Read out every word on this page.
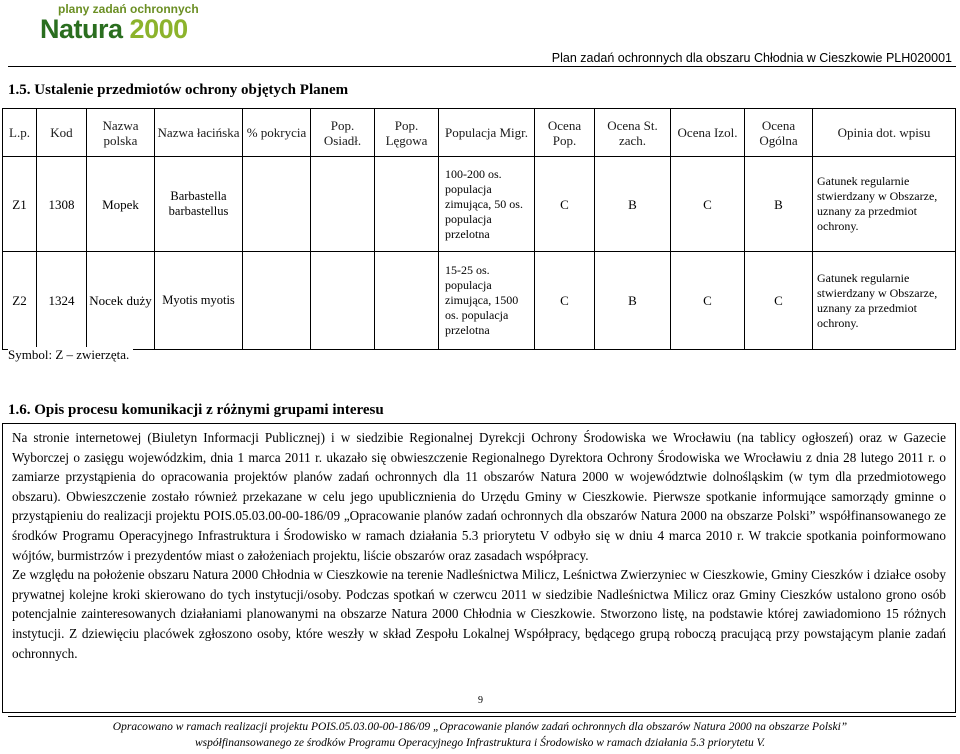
plany zadań ochronnych
Natura 2000
Plan zadań ochronnych dla obszaru Chłodnia w Cieszkowie PLH020001
1.5. Ustalenie przedmiotów ochrony objętych Planem
L.p.	Kod	Nazwa polska	Nazwa łacińska	% pokrycia	Pop. Osiadł.	Pop. Lęgowa	Populacja Migr.	Ocena Pop.	Ocena St. zach.	Ocena Izol.	Ocena Ogólna	Opinia dot. wpisu
Z1	1308	Mopek	Barbastella barbastellus				100-200 os. populacja zimująca, 50 os. populacja przelotna	C	B	C	B	Gatunek regularnie stwierdzany w Obszarze, uznany za przedmiot ochrony.
Z2	1324	Nocek duży	Myotis myotis				15-25 os. populacja zimująca, 1500 os. populacja przelotna	C	B	C	C	Gatunek regularnie stwierdzany w Obszarze, uznany za przedmiot ochrony.
Symbol: Z – zwierzęta.
1.6. Opis procesu komunikacji z różnymi grupami interesu

Na stronie internetowej (Biuletyn Informacji Publicznej) i w siedzibie Regionalnej Dyrekcji Ochrony Środowiska we Wrocławiu (na tablicy ogłoszeń) oraz w Gazecie Wyborczej o zasięgu wojewódzkim, dnia 1 marca 2011 r. ukazało się obwieszczenie Regionalnego Dyrektora Ochrony Środowiska we Wrocławiu z dnia 28 lutego 2011 r. o zamiarze przystąpienia do opracowania projektów planów zadań ochronnych dla 11 obszarów Natura 2000 w województwie dolnośląskim (w tym dla przedmiotowego obszaru). Obwieszczenie zostało również przekazane w celu jego upublicznienia do Urzędu Gminy w Cieszkowie. Pierwsze spotkanie informujące samorządy gminne o przystąpieniu do realizacji projektu POIS.05.03.00-00-186/09 „Opracowanie planów zadań ochronnych dla obszarów Natura 2000 na obszarze Polski” współfinansowanego ze środków Programu Operacyjnego Infrastruktura i Środowisko w ramach działania 5.3 priorytetu V odbyło się w dniu 4 marca 2010 r. W trakcie spotkania poinformowano wójtów, burmistrzów i prezydentów miast o założeniach projektu, liście obszarów oraz zasadach współpracy.

Ze względu na położenie obszaru Natura 2000 Chłodnia w Cieszkowie na terenie Nadleśnictwa Milicz, Leśnictwa Zwierzyniec w Cieszkowie, Gminy Cieszków i działce osoby prywatnej kolejne kroki skierowano do tych instytucji/osoby. Podczas spotkań w czerwcu 2011 w siedzibie Nadleśnictwa Milicz oraz Gminy Cieszków ustalono grono osób potencjalnie zainteresowanych działaniami planowanymi na obszarze Natura 2000 Chłodnia w Cieszkowie. Stworzono listę, na podstawie której zawiadomiono 15 różnych instytucji. Z dziewięciu placówek zgłoszono osoby, które weszły w skład Zespołu Lokalnej Współpracy, będącego grupą roboczą pracującą przy powstającym planie zadań ochronnych.

9
Opracowano w ramach realizacji projektu POIS.05.03.00-00-186/09 „Opracowanie planów zadań ochronnych dla obszarów Natura 2000 na obszarze Polski”
współfinansowanego ze środków Programu Operacyjnego Infrastruktura i Środowisko w ramach działania 5.3 priorytetu V.
